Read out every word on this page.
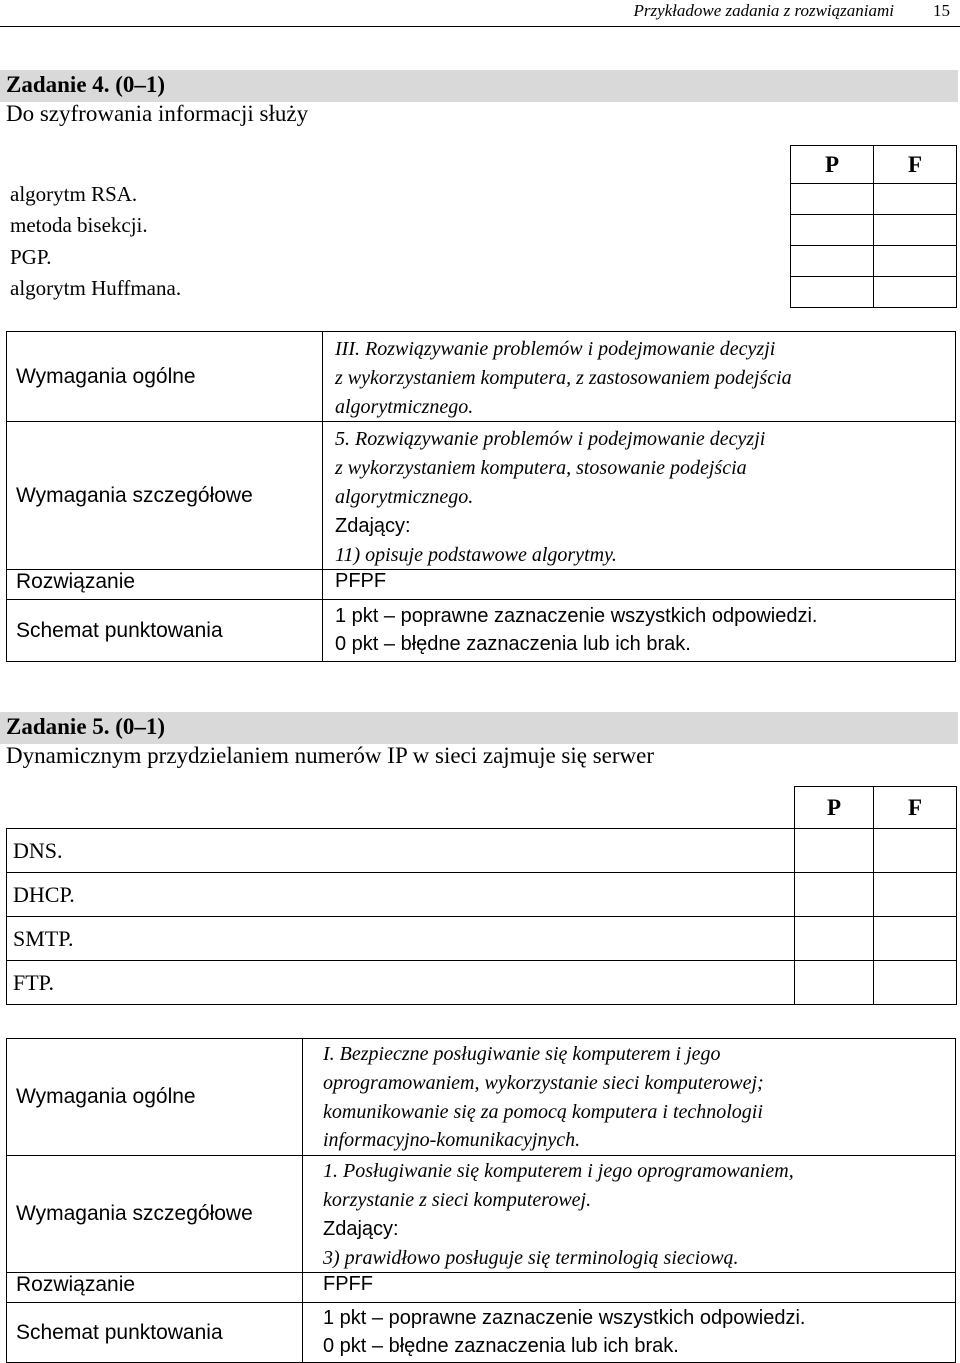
Przykładowe zadania z rozwiązaniami 15
Zadanie 4. (0–1)
Do szyfrowania informacji służy
algorytm RSA.
metoda bisekcji.
PGP.
algorytm Huffmana.
P	F

Wymagania ogólne	III. Rozwiązywanie problemów i podejmowanie decyzji
z wykorzystaniem komputera, z zastosowaniem podejścia
algorytmicznego.

Wymagania szczegółowe	5. Rozwiązywanie problemów i podejmowanie decyzji
z wykorzystaniem komputera, stosowanie podejścia
algorytmicznego.
Zdający:
11) opisuje podstawowe algorytmy.

Rozwiązanie	PFPF
Schemat punktowania	1 pkt – poprawne zaznaczenie wszystkich odpowiedzi.
0 pkt – błędne zaznaczenia lub ich brak.
Zadanie 5. (0–1)
Dynamicznym przydzielaniem numerów IP w sieci zajmuje się serwer
	P	F
DNS.		
DHCP.		
SMTP.		
FTP.		
Wymagania ogólne	I. Bezpieczne posługiwanie się komputerem i jego
oprogramowaniem, wykorzystanie sieci komputerowej;
komunikowanie się za pomocą komputera i technologii
informacyjno-komunikacyjnych.

Wymagania szczegółowe	1. Posługiwanie się komputerem i jego oprogramowaniem,
korzystanie z sieci komputerowej.
Zdający:
3) prawidłowo posługuje się terminologią sieciową.

Rozwiązanie	FPFF
Schemat punktowania	1 pkt – poprawne zaznaczenie wszystkich odpowiedzi.
0 pkt – błędne zaznaczenia lub ich brak.
